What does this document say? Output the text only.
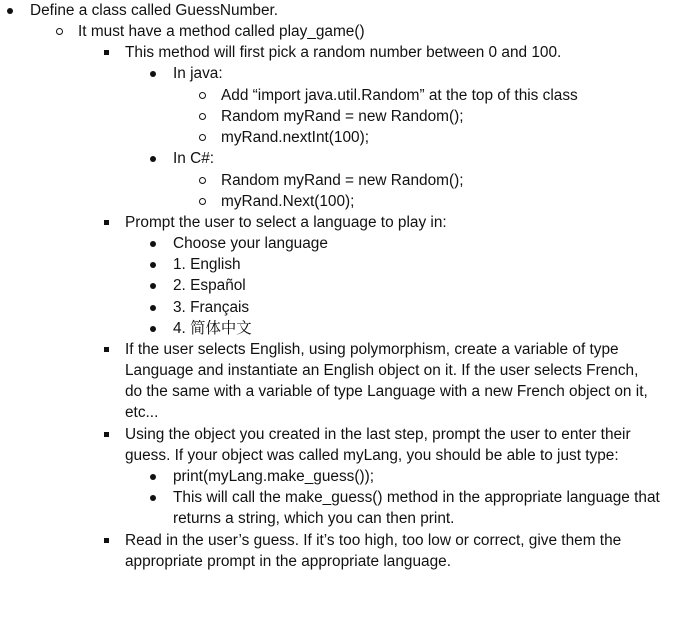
Define a class called GuessNumber.
It must have a method called play_game()
This method will first pick a random number between 0 and 100.
In java:
Add “import java.util.Random” at the top of this class
Random myRand = new Random();
myRand.nextInt(100);
In C#:
Random myRand = new Random();
myRand.Next(100);
Prompt the user to select a language to play in:
Choose your language
1. English
2. Español
3. Français
4. 简体中文
If the user selects English, using polymorphism, create a variable of type Language and instantiate an English object on it. If the user selects French, do the same with a variable of type Language with a new French object on it, etc...
Using the object you created in the last step, prompt the user to enter their guess. If your object was called myLang, you should be able to just type:
print(myLang.make_guess());
This will call the make_guess() method in the appropriate language that returns a string, which you can then print.
Read in the user’s guess. If it’s too high, too low or correct, give them the appropriate prompt in the appropriate language.
